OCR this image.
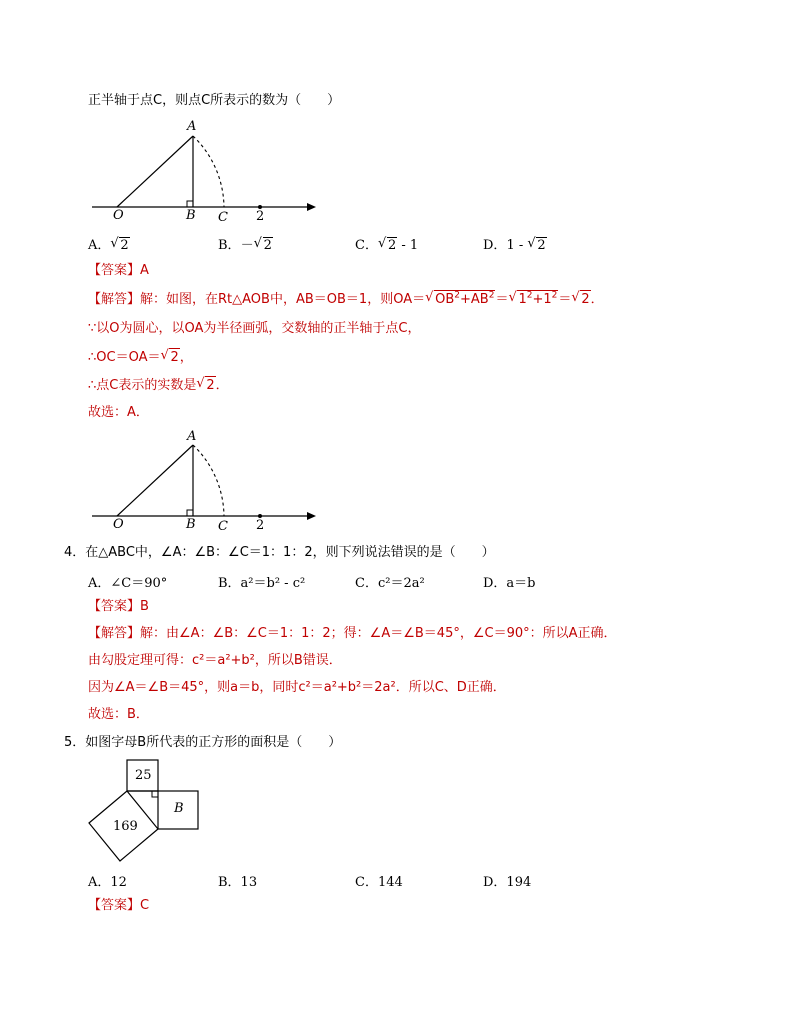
正半轴于点C，则点C所表示的数为（　　）
A
O	B C 2
A．√ 2	B．－√ 2	C．√ 2 - 1	D．1 - √ 2
【答案】A
【解答】解：如图，在Rt△AOB中，AB＝OB＝1，则OA＝√ $OB^2+AB^2=√$ $1^2+1^2=√$ 2．
∵以O为圆心，以OA为半径画弧，交数轴的正半轴于点C，
∴OC＝OA＝√ 2，
∴点C表示的实数是√ 2．
故选：A．
A
O	B C 2
4．在△ABC中，∠A：∠B：∠C＝1：1：2，则下列说法错误的是（　　）
A．∠C＝90°	B．a²＝b² - c²	C．c²＝2a²	D．a＝b
【答案】B
【解答】解：由∠A：∠B：∠C＝1：1：2；得：∠A＝∠B＝45°，∠C＝90°：所以A正确．
由勾股定理可得：c²＝a²+b²，所以B错误．
因为∠A＝∠B＝45°，则a＝b，同时c²＝a²+b²＝2a²．所以C、D正确．
故选：B．
5．如图字母B所代表的正方形的面积是（　　）
25
B
169
A．12	B．13	C．144	D．194
【答案】C
